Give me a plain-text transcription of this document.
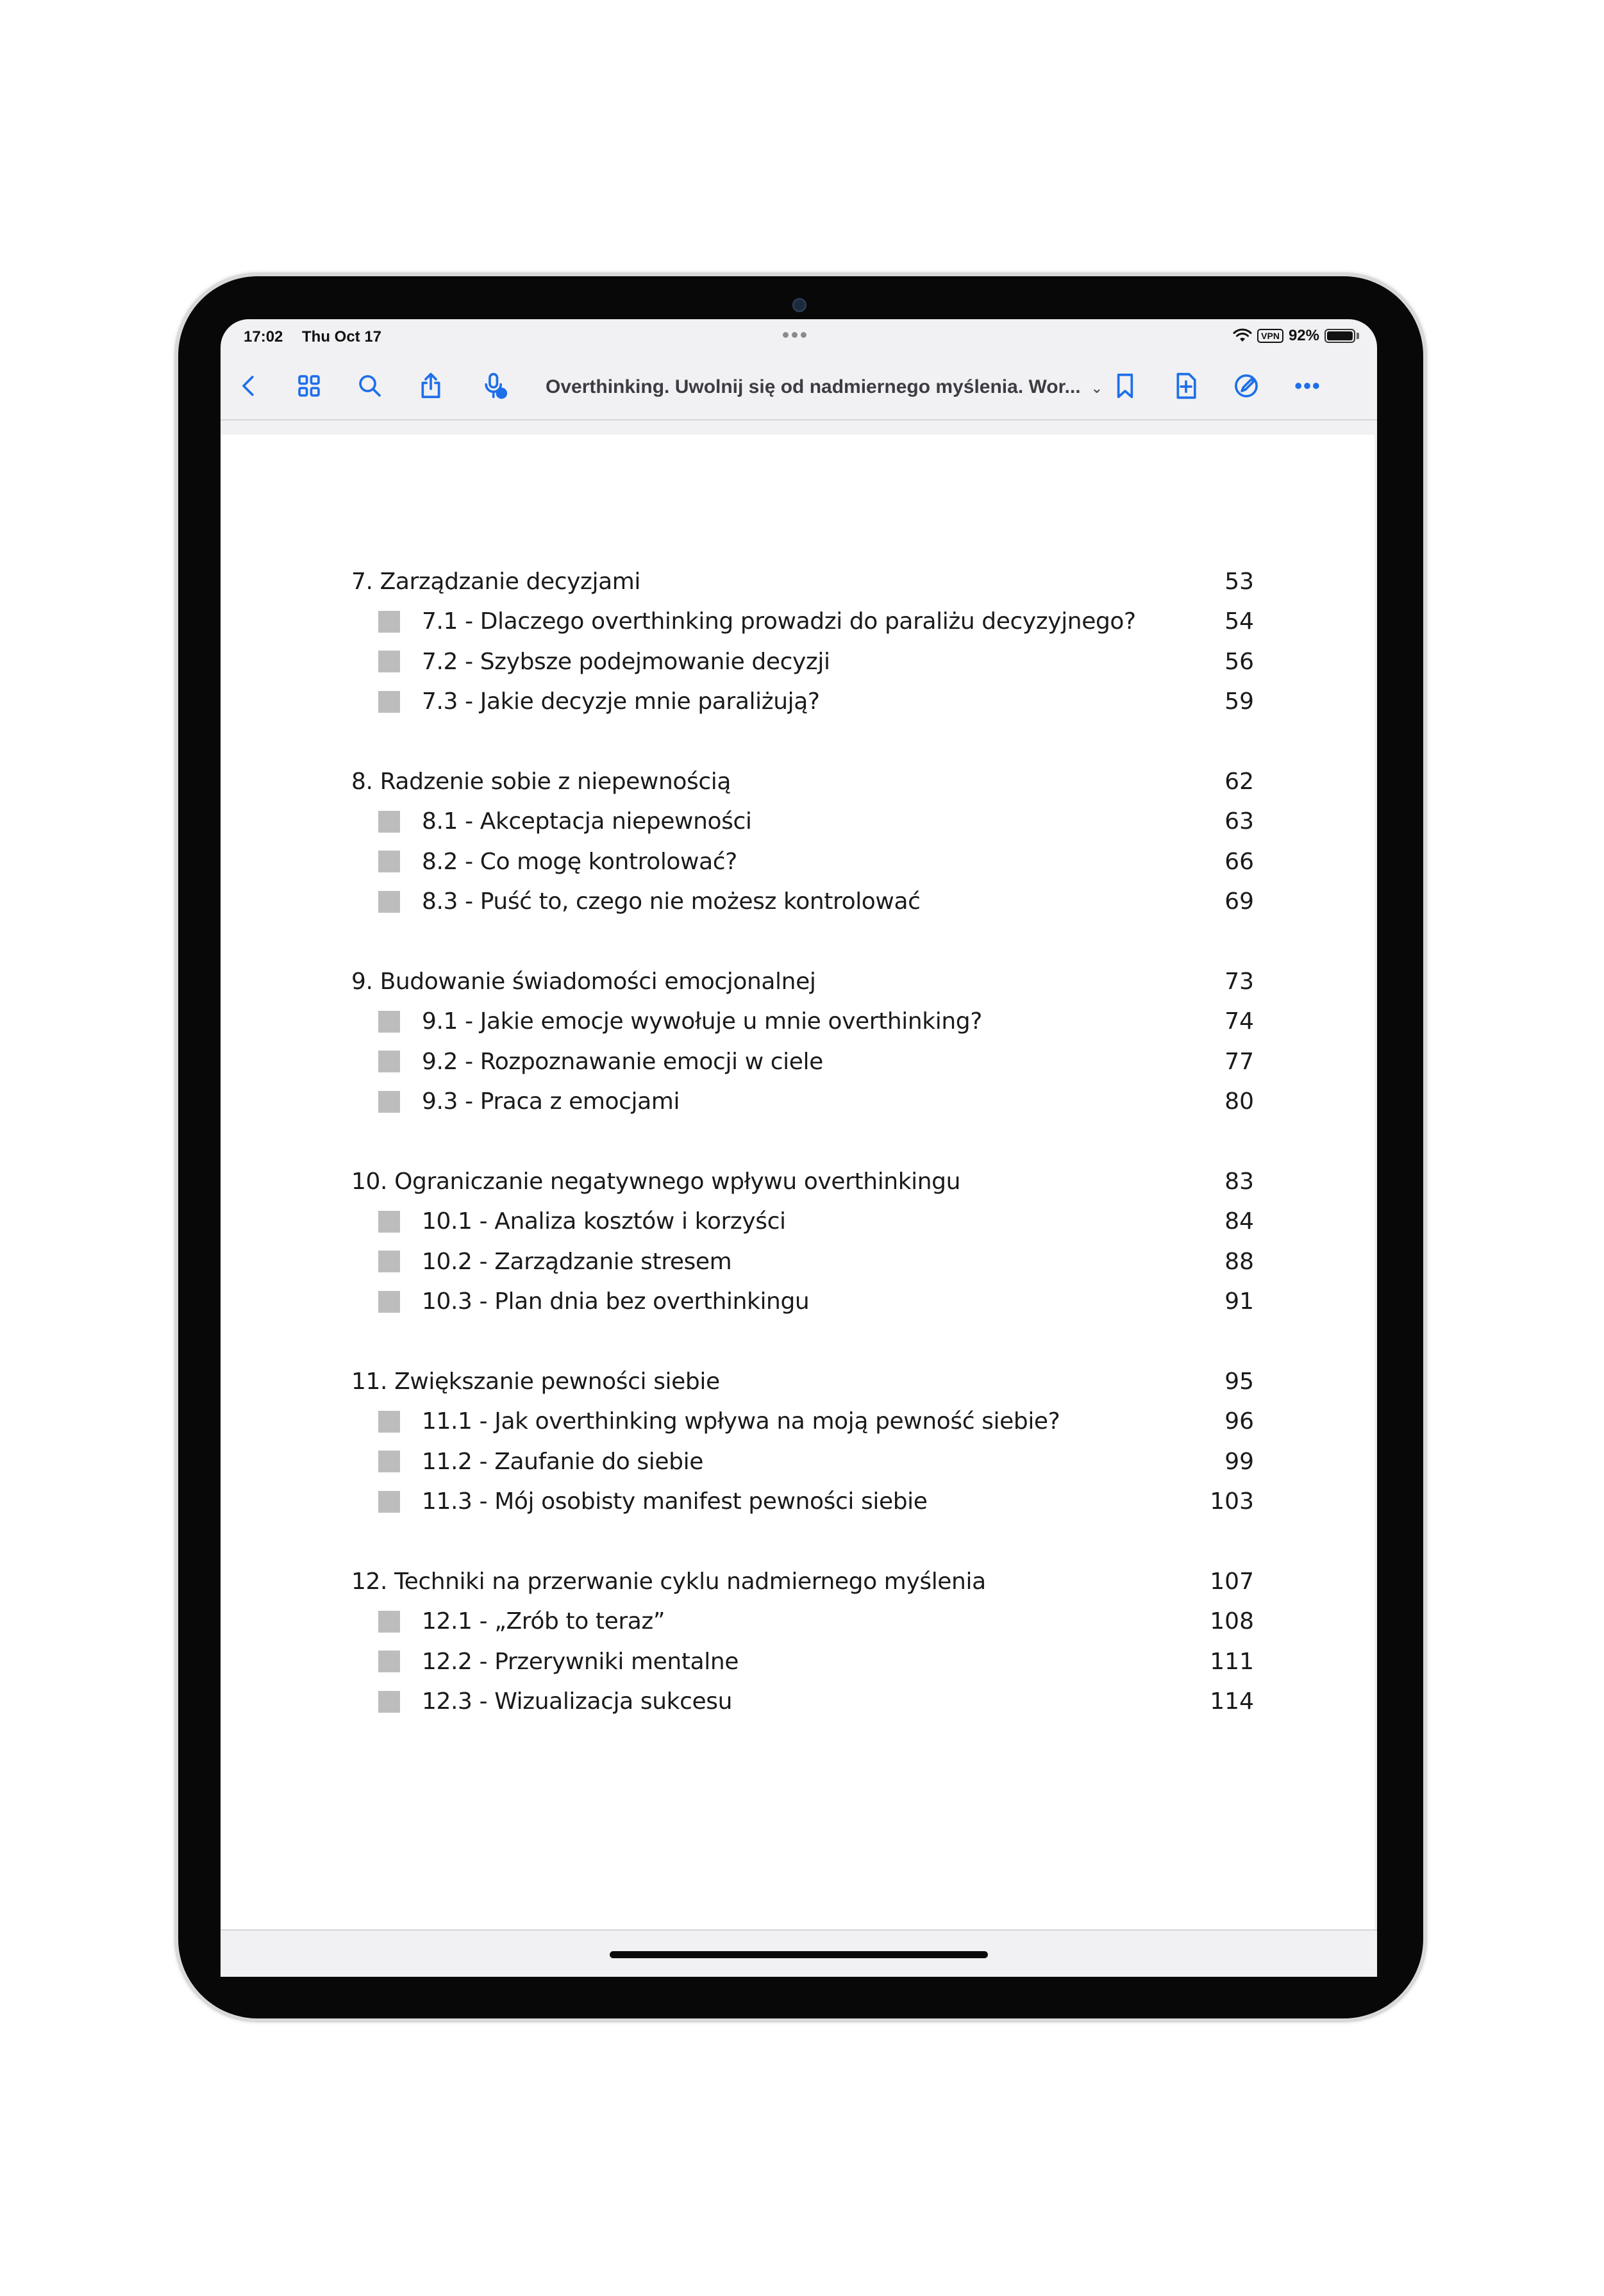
17:02 Thu Oct 17	VPN 92%
Overthinking. Uwolnij się od nadmiernego myślenia. Wor... ⌄
7. Zarządzanie decyzjami	53
7.1 - Dlaczego overthinking prowadzi do paraliżu decyzyjnego?	54
7.2 - Szybsze podejmowanie decyzji	56
7.3 - Jakie decyzje mnie paraliżują?	59
8. Radzenie sobie z niepewnością	62
8.1 - Akceptacja niepewności	63
8.2 - Co mogę kontrolować?	66
8.3 - Puść to, czego nie możesz kontrolować	69
9. Budowanie świadomości emocjonalnej	73
9.1 - Jakie emocje wywołuje u mnie overthinking?	74
9.2 - Rozpoznawanie emocji w ciele	77
9.3 - Praca z emocjami	80
10. Ograniczanie negatywnego wpływu overthinkingu	83
10.1 - Analiza kosztów i korzyści	84
10.2 - Zarządzanie stresem	88
10.3 - Plan dnia bez overthinkingu	91
11. Zwiększanie pewności siebie	95
11.1 - Jak overthinking wpływa na moją pewność siebie?	96
11.2 - Zaufanie do siebie	99
11.3 - Mój osobisty manifest pewności siebie	103
12. Techniki na przerwanie cyklu nadmiernego myślenia	107
12.1 - „Zrób to teraz”	108
12.2 - Przerywniki mentalne	111
12.3 - Wizualizacja sukcesu	114
